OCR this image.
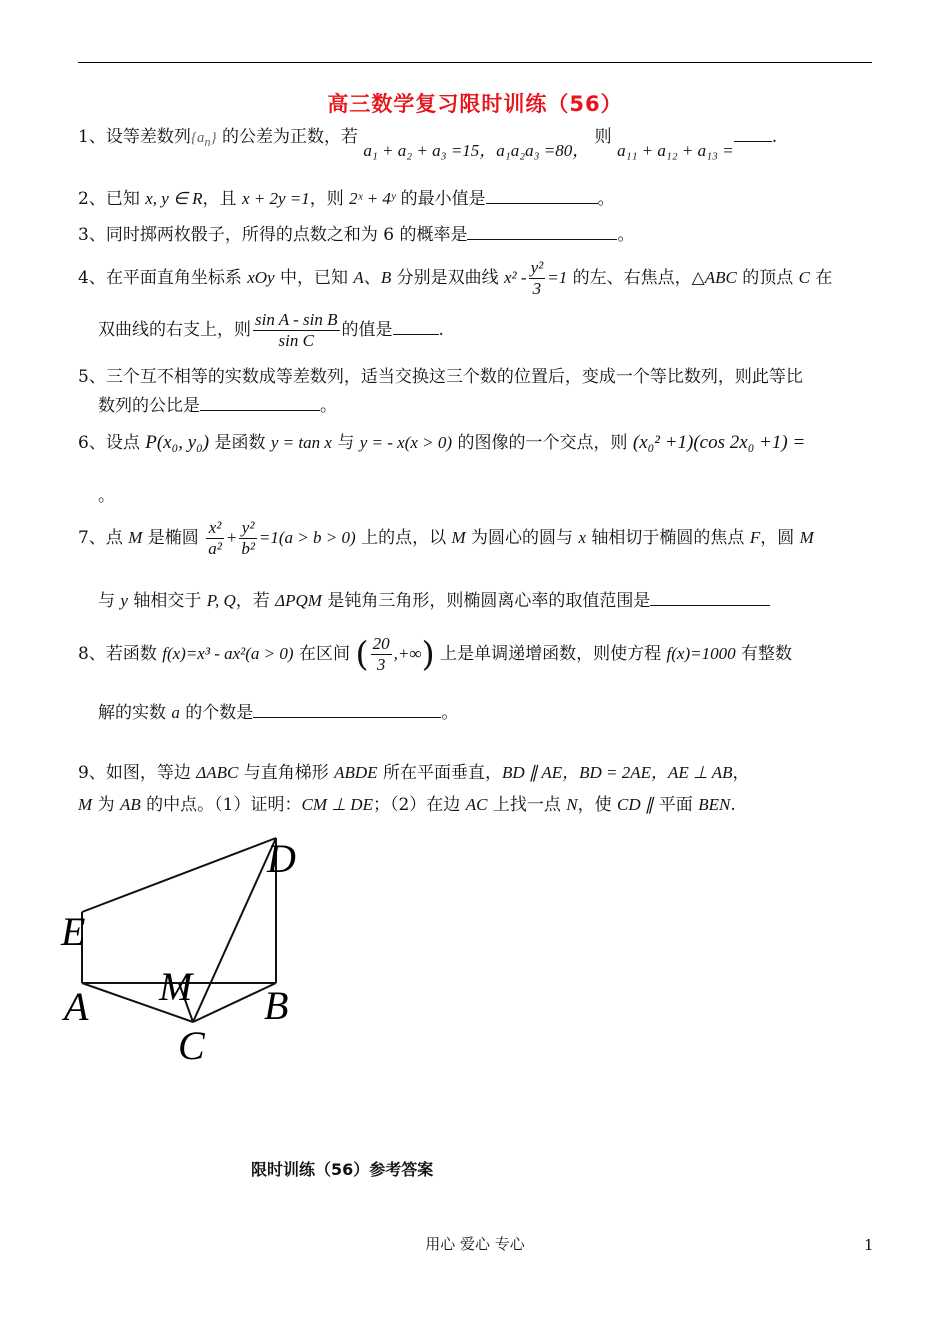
高三数学复习限时训练（56）
1、设等差数列$\{a_n\}$ 的公差为正数，若 a₁ + a₂ + a₃ =15，a₁a₂a₃ =80， 则 a₁₁ + a₁₂ + a₁₃ =.
2、已知 x, y ∈ R，且 x + 2y =1，则 2ˣ + 4ʸ 的最小值是	。
3、同时掷两枚骰子，所得的点数之和为 6 的概率是	。
4、在平面直角坐标系 xOy 中，已知 A、B 分别是双曲线 $x^2 - \frac{\text{y²}}{3} =1$ 的左、右焦点，△ABC 的顶点 C 在
双曲线的右支上，则 $\frac{\text{sin A - sin B}}{\text{sin C}}$ 的值是	.
5、三个互不相等的实数成等差数列，适当交换这三个数的位置后，变成一个等比数列，则此等比
数列的公比是	。
6、设点 P(x₀, y₀) 是函数 y = tan x 与 y = - x(x > 0) 的图像的一个交点，则 (x₀² +1)(cos 2x₀ +1) =
。
7、点 M 是椭圆 $\frac{\text{x²}}{\text{a²}} + \frac{\text{y²}}{\text{b²}} =1(a > b > 0)$ 上的点，以 M 为圆心的圆与 x 轴相切于椭圆的焦点 F，圆 M
与 y 轴相交于 P, Q，若 ΔPQM 是钝角三角形，则椭圆离心率的取值范围是
8、若函数 f(x)=x³ - ax²(a > 0) 在区间 ( $\frac{20}{3}$ ,+∞) 上是单调递增函数，则使方程 f(x)=1000 有整数
解的实数 a 的个数是	。
9、如图，等边 ΔABC 与直角梯形 ABDE 所在平面垂直，BD ∥ AE，BD = 2AE，AE ⊥ AB，
M 为 AB 的中点。（1）证明：CM ⊥ DE；（2）在边 AC 上找一点 N，使 CD ∥ 平面 BEN.
D
E
M
A	B
C
限时训练（56）参考答案
用心 爱心 专心	1
